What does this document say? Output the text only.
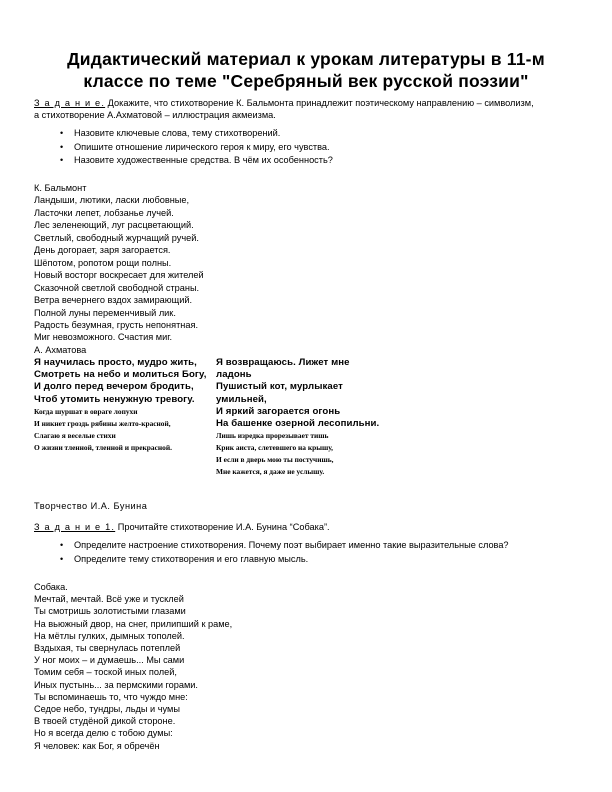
Дидактический материал к урокам литературы в 11-м
классе по теме "Серебряный век русской поэзии"
З а д а н и е. Докажите, что стихотворение К. Бальмонта принадлежит поэтическому направлению – символизм,
а стихотворение А.Ахматовой – иллюстрация акмеизма.
• Назовите ключевые слова, тему стихотворений.
• Опишите отношение лирического героя к миру, его чувства.
• Назовите художественные средства. В чём их особенность?
К. Бальмонт
Ландыши, лютики, ласки любовные,
Ласточки лепет, лобзанье лучей.
Лес зеленеющий, луг расцветающий.
Светлый, свободный журчащий ручей.
День догорает, заря загорается.
Шёпотом, ропотом рощи полны.
Новый восторг воскресает для жителей
Сказочной светлой свободной страны.
Ветра вечернего вздох замирающий.
Полной луны переменчивый лик.
Радость безумная, грусть непонятная.
Миг невозможного. Счастия миг.
А. Ахматова
Я научилась просто, мудро жить,
Смотреть на небо и молиться Богу,
И долго перед вечером бродить,
Чтоб утомить ненужную тревогу.
Когда шуршат в овраге лопухи
И никнет гроздь рябины желто-красной,
Слагаю я веселые стихи
О жизни тленной, тленной и прекрасной.
Я возвращаюсь. Лижет мне
ладонь
Пушистый кот, мурлыкает
умильней,
И яркий загорается огонь
На башенке озерной лесопильни.
Лишь изредка прорезывает тишь
Крик аиста, слетевшего на крышу,
И если в дверь мою ты постучишь,
Мне кажется, я даже не услышу.
Творчество И.А. Бунина
З а д а н и е 1. Прочитайте стихотворение И.А. Бунина “Собака”.
• Определите настроение стихотворения. Почему поэт выбирает именно такие выразительные слова?
• Определите тему стихотворения и его главную мысль.
Собака.
Мечтай, мечтай. Всё уже и тусклей
Ты смотришь золотистыми глазами
На вьюжный двор, на снег, прилипший к раме,
На мётлы гулких, дымных тополей.
Вздыхая, ты свернулась потеплей
У ног моих – и думаешь... Мы сами
Томим себя – тоской иных полей,
Иных пустынь... за пермскими горами.
Ты вспоминаешь то, что чуждо мне:
Седое небо, тундры, льды и чумы
В твоей студёной дикой стороне.
Но я всегда делю с тобою думы:
Я человек: как Бог, я обречён
